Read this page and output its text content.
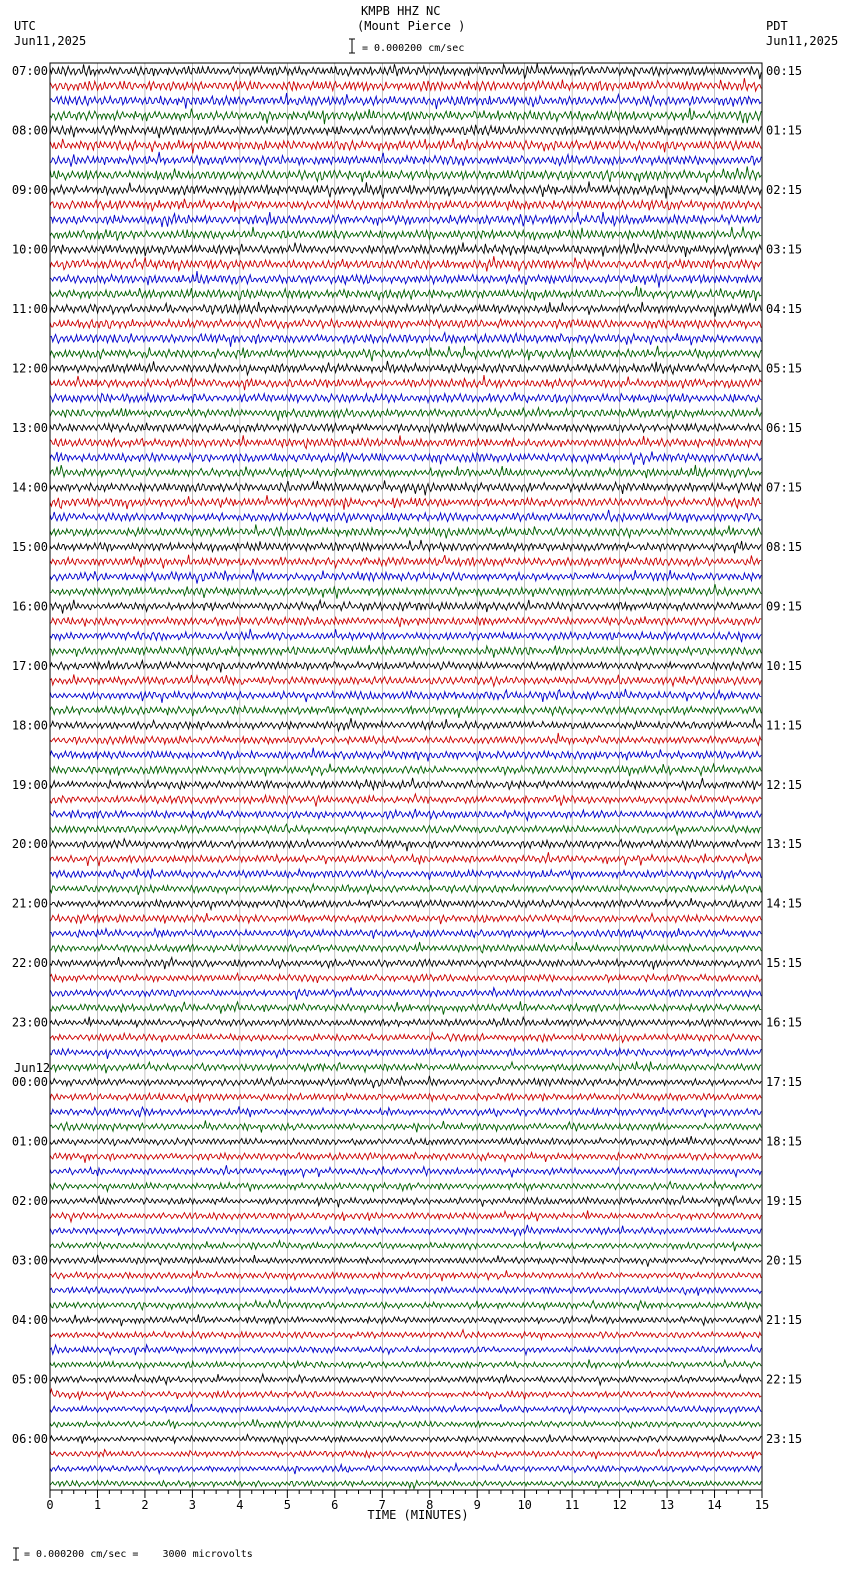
KMPB HHZ NC
(Mount Pierce )
= 0.000200 cm/sec
UTC
Jun11,2025
PDT
Jun11,2025
07:00
08:00
09:00
10:00
11:00
12:00
13:00
14:00
15:00
16:00
17:00
18:00
19:00
20:00
21:00
22:00
23:00
00:00
Jun12
01:00
02:00
03:00
04:00
05:00
06:00
00:15
01:15
02:15
03:15
04:15
05:15
06:15
07:15
08:15
09:15
10:15
11:15
12:15
13:15
14:15
15:15
16:15
17:15
18:15
19:15
20:15
21:15
22:15
23:15
0	1	2	3	4	5	6	7	8	9	10	11	12	13	14	15
TIME (MINUTES)
= 0.000200 cm/sec =    3000 microvolts
